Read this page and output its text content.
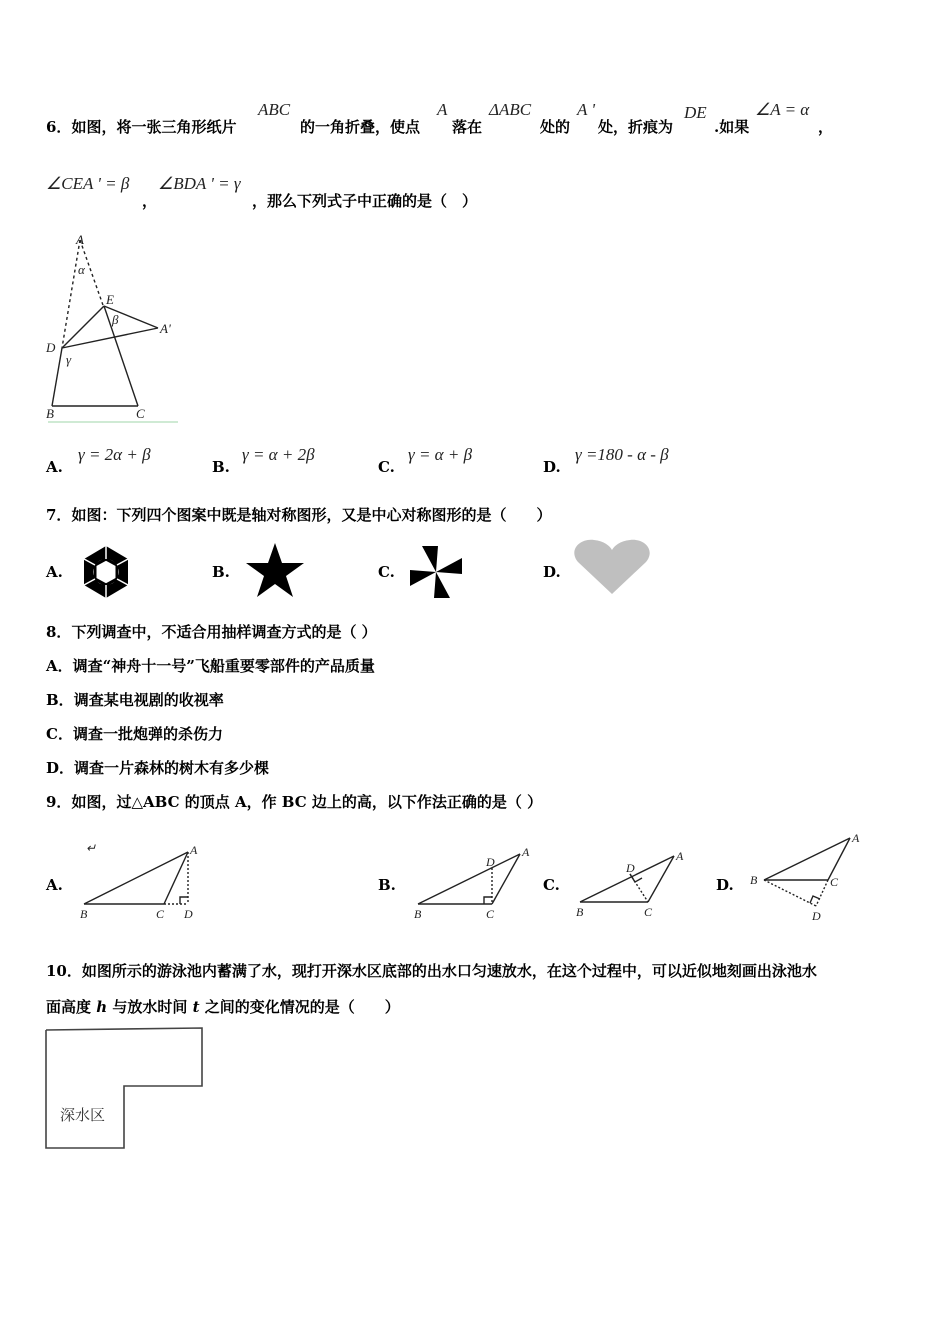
6．如图，将一张三角形纸片
ABC
的一角折叠，使点
A
落在
ΔABC
处的
A '
处，折痕为
DE
.如果
∠A = α
，
∠CEA ' = β
，
∠BDA ' = γ
，那么下列式子中正确的是（　）
A
α
E
β
A'
D
γ
B	C
A.
γ = 2α + β
B.
γ = α + 2β
C.
γ = α + β
D.
γ =180 - α - β
7．如图：下列四个图案中既是轴对称图形，又是中心对称图形的是（　　）
A.	B.	C.	D.
8．下列调查中，不适合用抽样调查方式的是（ ）
A．调查“神舟十一号”飞船重要零部件的产品质量
B．调查某电视剧的收视率
C．调查一批炮弹的杀伤力
D．调查一片森林的树木有多少棵
9．如图，过△ABC 的顶点 A，作 BC 边上的高，以下作法正确的是（ ）
A.
↵	A
B	C D
B.
A
D
B	C
C.
A
D
B	C
D.
A
B	C
D
10．如图所示的游泳池内蓄满了水，现打开深水区底部的出水口匀速放水，在这个过程中，可以近似地刻画出泳池水
面高度 h 与放水时间 t 之间的变化情况的是（　　）
深水区
